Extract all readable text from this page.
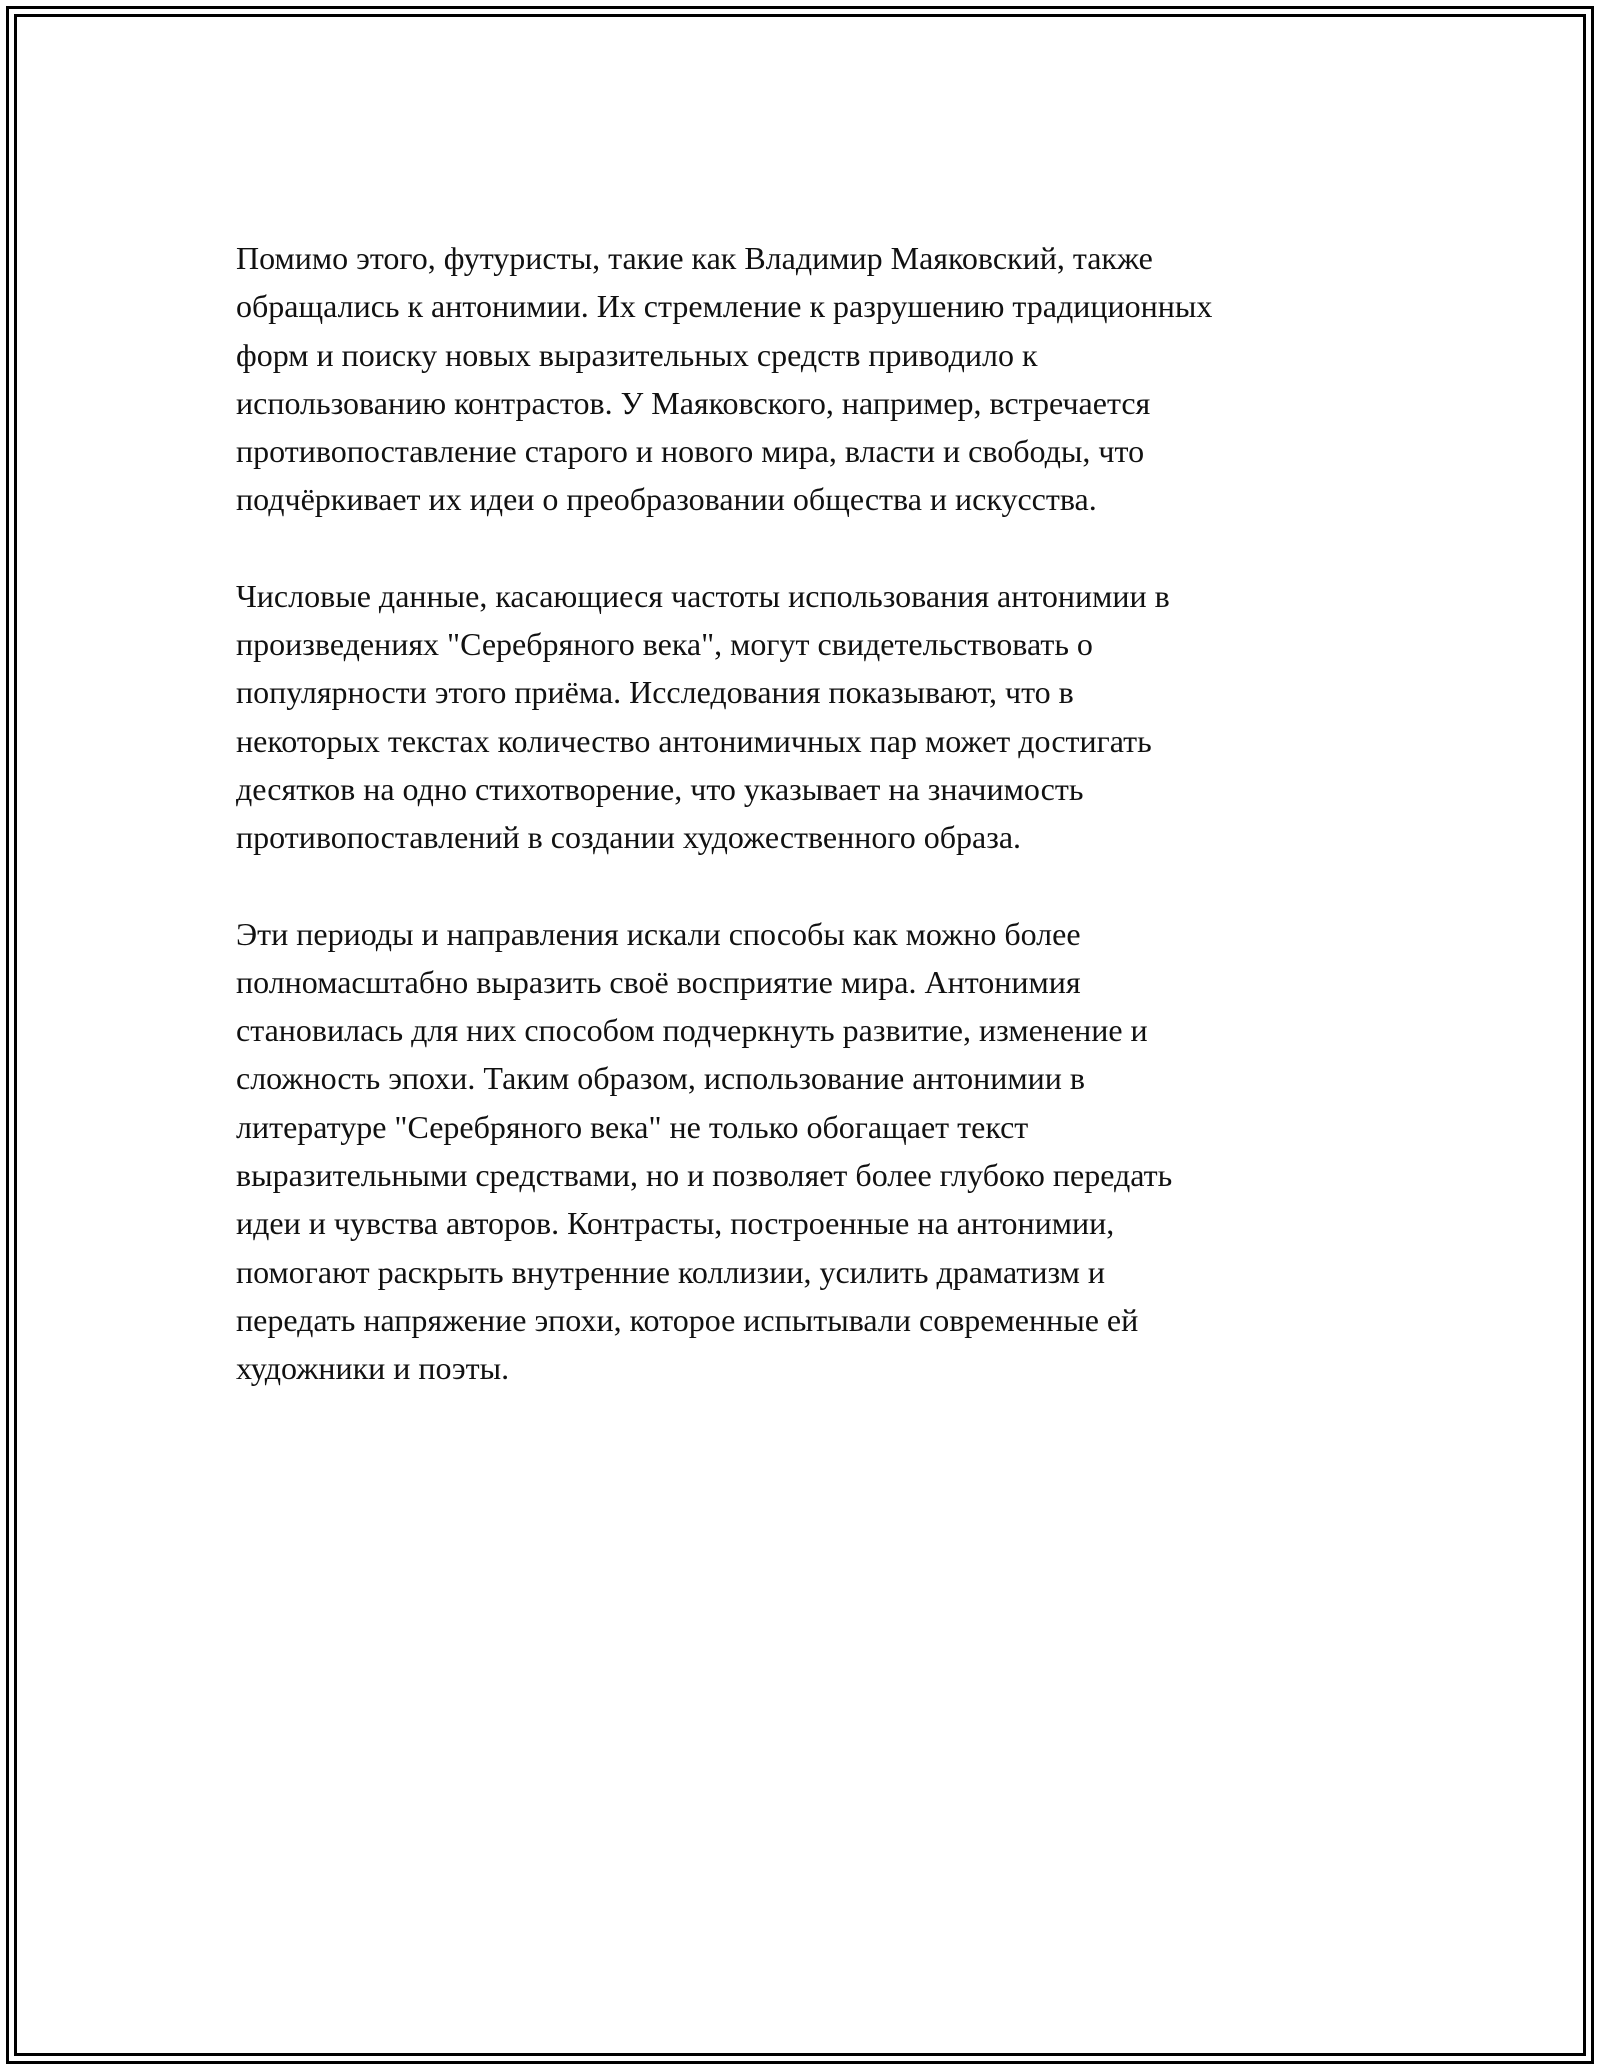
Помимо этого, футуристы, такие как Владимир Маяковский, также
обращались к антонимии. Их стремление к разрушению традиционных
форм и поиску новых выразительных средств приводило к
использованию контрастов. У Маяковского, например, встречается
противопоставление старого и нового мира, власти и свободы, что
подчёркивает их идеи о преобразовании общества и искусства.

Числовые данные, касающиеся частоты использования антонимии в
произведениях "Серебряного века", могут свидетельствовать о
популярности этого приёма. Исследования показывают, что в
некоторых текстах количество антонимичных пар может достигать
десятков на одно стихотворение, что указывает на значимость
противопоставлений в создании художественного образа.

Эти периоды и направления искали способы как можно более
полномасштабно выразить своё восприятие мира. Антонимия
становилась для них способом подчеркнуть развитие, изменение и
сложность эпохи. Таким образом, использование антонимии в
литературе "Серебряного века" не только обогащает текст
выразительными средствами, но и позволяет более глубоко передать
идеи и чувства авторов. Контрасты, построенные на антонимии,
помогают раскрыть внутренние коллизии, усилить драматизм и
передать напряжение эпохи, которое испытывали современные ей
художники и поэты.
